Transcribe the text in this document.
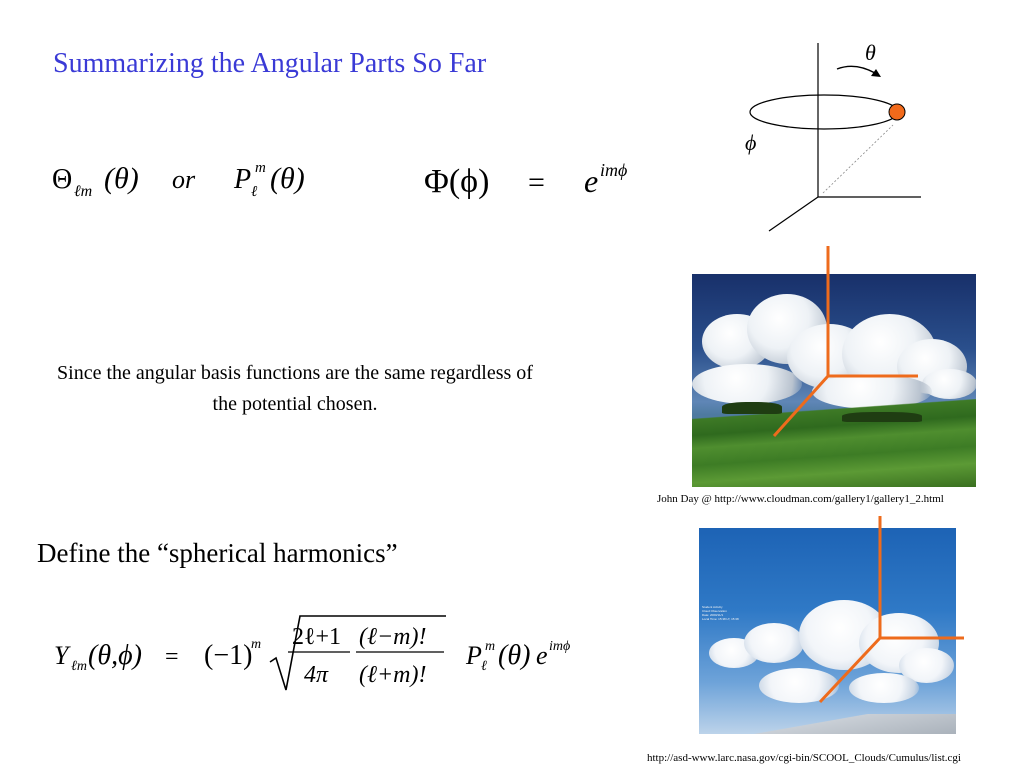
Summarizing the Angular Parts So Far
Θ ℓm (θ) or P m
ℓ (θ)	Φ(ϕ) = e imϕ
Since the angular basis functions are the same regardless of the potential chosen.
Define the “spherical harmonics”
Y ℓm (θ,ϕ) = (−1)
m 2ℓ+1
4π
(ℓ−m)!
(ℓ+m)!
P m
ℓ (θ) e imϕ
θ
ϕ
Student Activity
Cloud Observation
Date: 2000/11/1
Local Time: 15:38 LT, 15:38
John Day @ http://www.cloudman.com/gallery1/gallery1_2.html
http://asd-www.larc.nasa.gov/cgi-bin/SCOOL_Clouds/Cumulus/list.cgi
